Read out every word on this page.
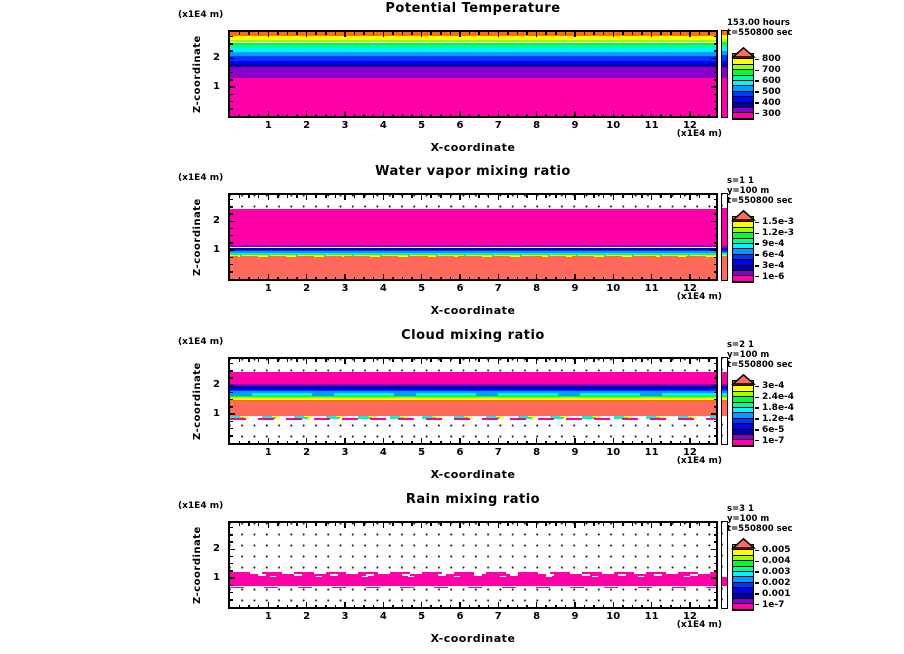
Potential Temperature
(x1E4 m)
Z-coordinate
153.00 hours
t=550800 sec
800
700
600
500
400
300
(x1E4 m)
X-coordinate
1	2	3	4	5	6	7	8	9	10 11 12
2
1
Water vapor mixing ratio
(x1E4 m)
Z-coordinate
s=1 1
y=100 m
t=550800 sec
1.5e-3
1.2e-3
9e-4
6e-4
3e-4
1e-6
(x1E4 m)
X-coordinate
1	2	3	4	5	6	7	8	9	10 11 12
2
1
Cloud mixing ratio
(x1E4 m)
Z-coordinate
s=2 1
y=100 m
t=550800 sec
3e-4
2.4e-4
1.8e-4
1.2e-4
6e-5
1e-7
(x1E4 m)
X-coordinate
1	2	3	4	5	6	7	8	9	10 11 12
2
1
Rain mixing ratio
(x1E4 m)
Z-coordinate
s=3 1
y=100 m
t=550800 sec
0.005
0.004
0.003
0.002
0.001
1e-7
(x1E4 m)
X-coordinate
1	2	3	4	5	6	7	8	9	10 11 12
2
1
